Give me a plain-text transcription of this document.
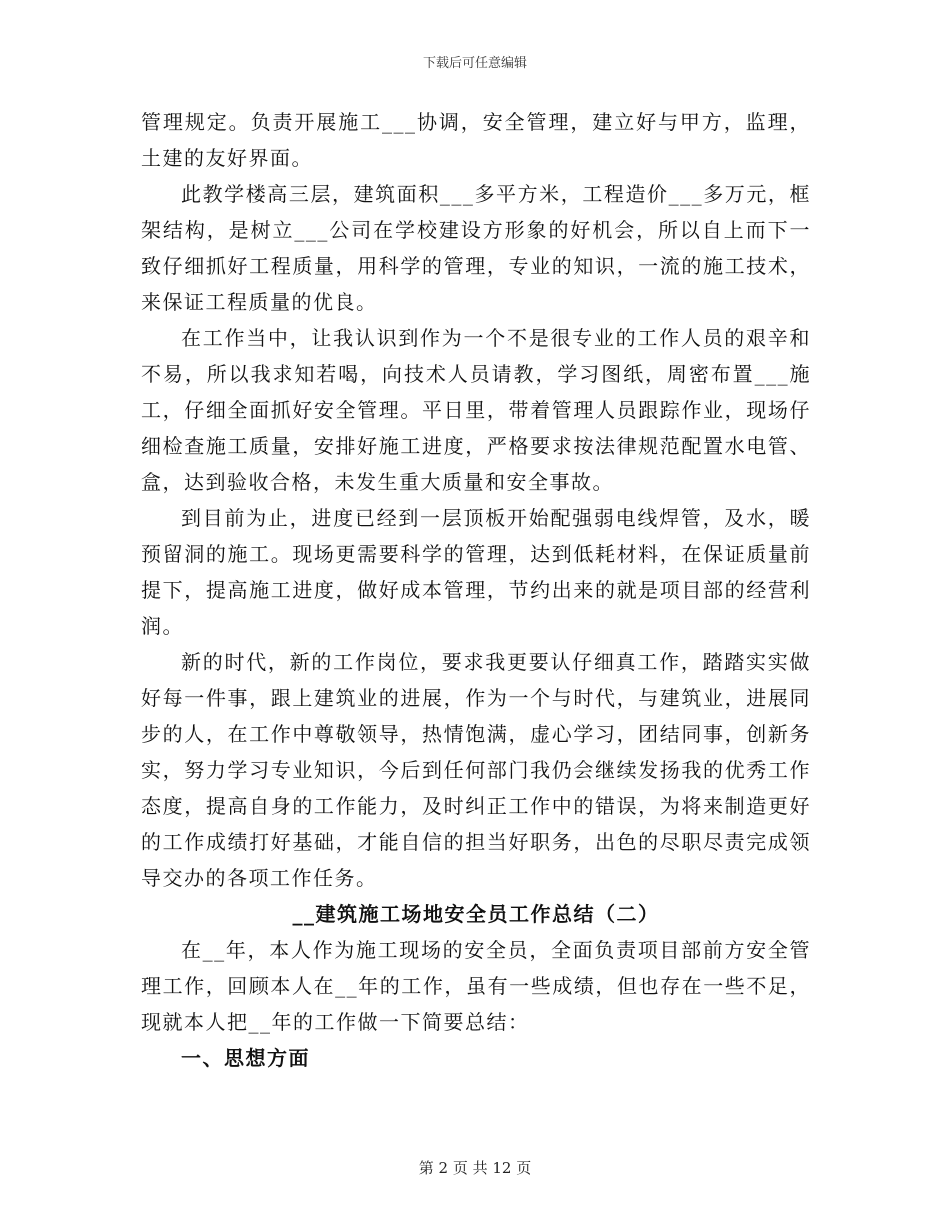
下载后可任意编辑

管理规定。负责开展施工___协调，安全管理，建立好与甲方，监理，土建的友好界面。

此教学楼高三层，建筑面积___多平方米，工程造价___多万元，框架结构，是树立___公司在学校建设方形象的好机会，所以自上而下一致仔细抓好工程质量，用科学的管理，专业的知识，一流的施工技术，来保证工程质量的优良。

在工作当中，让我认识到作为一个不是很专业的工作人员的艰辛和不易，所以我求知若喝，向技术人员请教，学习图纸，周密布置___施工，仔细全面抓好安全管理。平日里，带着管理人员跟踪作业，现场仔细检查施工质量，安排好施工进度，严格要求按法律规范配置水电管、盒，达到验收合格，未发生重大质量和安全事故。

到目前为止，进度已经到一层顶板开始配强弱电线焊管，及水，暖预留洞的施工。现场更需要科学的管理，达到低耗材料，在保证质量前提下，提高施工进度，做好成本管理，节约出来的就是项目部的经营利润。

新的时代，新的工作岗位，要求我更要认仔细真工作，踏踏实实做好每一件事，跟上建筑业的进展，作为一个与时代，与建筑业，进展同步的人，在工作中尊敬领导，热情饱满，虚心学习，团结同事，创新务实，努力学习专业知识，今后到任何部门我仍会继续发扬我的优秀工作态度，提高自身的工作能力，及时纠正工作中的错误，为将来制造更好的工作成绩打好基础，才能自信的担当好职务，出色的尽职尽责完成领导交办的各项工作任务。

__建筑施工场地安全员工作总结（二）

在__年，本人作为施工现场的安全员，全面负责项目部前方安全管理工作，回顾本人在__年的工作，虽有一些成绩，但也存在一些不足，现就本人把__年的工作做一下简要总结：

一、思想方面
第 2 页 共 12 页
